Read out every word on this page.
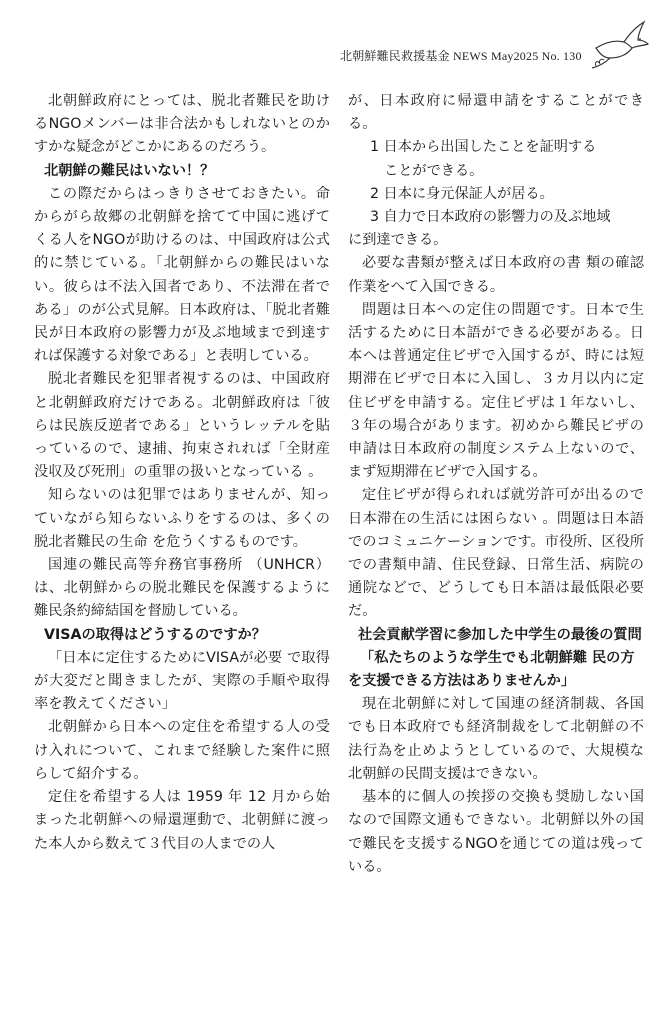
北朝鮮難民救援基金 NEWS May2025 No. 130

北朝鮮政府にとっては、脱北者難民を助けるNGOメンバーは非合法かもしれないとのかすかな疑念がどこかにあるのだろう。

北朝鮮の難民はいない！？

この際だからはっきりさせておきたい。命からがら故郷の北朝鮮を捨てて中国に逃げてくる人をNGOが助けるのは、中国政府は公式的に禁じている。「北朝鮮からの難民はいない。彼らは不法入国者であり、不法滞在者である」のが公式見解。日本政府は、「脱北者難民が日本政府の影響力が及ぶ地域まで到達すれば保護する対象である」と表明している。

脱北者難民を犯罪者視するのは、中国政府と北朝鮮政府だけである。北朝鮮政府は「彼らは民族反逆者である」というレッテルを貼っているので、逮捕、拘束されれば「全財産没収及び死刑」の重罪の扱いとなっている 。

知らないのは犯罪ではありませんが、知っていながら知らないふりをするのは、多くの脱北者難民の生命 を危うくするものです。

国連の難民高等弁務官事務所 （UNHCR）は、北朝鮮からの脱北難民を保護するように難民条約締結国を督励している。

VISAの取得はどうするのですか？

「日本に定住するためにVISAが必要 で取得が大変だと聞きましたが、実際の手順や取得率を教えてください」

北朝鮮から日本への定住を希望する人の受け入れについて、これまで経験した案件に照らして紹介する。

定住を希望する人は 1959 年 12 月から始まった北朝鮮への帰還運動で、北朝鮮に渡った本人から数えて３代目の人までの人

が、日本政府に帰還申請をすることができる。

1 日本から出国したことを証明する
ことができる。
2 日本に身元保証人が居る。
3 自力で日本政府の影響力の及ぶ地域

に到達できる。

必要な書類が整えば日本政府の書 類の確認作業をへて入国できる。

問題は日本への定住の問題です。日本で生活するために日本語ができる必要がある。日本へは普通定住ビザで入国するが、時には短期滞在ビザで日本に入国し、３カ月以内に定住ビザを申請する。定住ビザは１年ないし、３年の場合があります。初めから難民ビザの申請は日本政府の制度システム上ないので、まず短期滞在ビザで入国する。

定住ビザが得られれば就労許可が出るので日本滞在の生活には困らない 。問題は日本語でのコミュニケーションです。市役所、区役所での書類申請、住民登録、日常生活、病院の通院などで、どうしても日本語は最低限必要だ。

社会貢献学習に参加した中学生の最後の質問

「私たちのような学生でも北朝鮮難 民の方を支援できる方法はありませんか」

現在北朝鮮に対して国連の経済制裁、各国でも日本政府でも経済制裁をして北朝鮮の不法行為を止めようとしているので、大規模な北朝鮮の民間支援はできない。

基本的に個人の挨拶の交換も奨励しない国なので国際文通もできない。北朝鮮以外の国で難民を支援するNGOを通じての道は残っている。
